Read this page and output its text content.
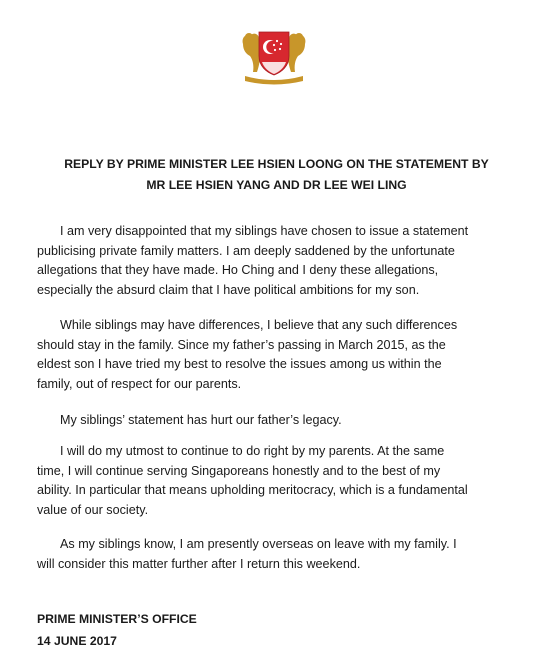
REPLY BY PRIME MINISTER LEE HSIEN LOONG ON THE STATEMENT BY

MR LEE HSIEN YANG AND DR LEE WEI LING

I am very disappointed that my siblings have chosen to issue a statement
publicising private family matters. I am deeply saddened by the unfortunate
allegations that they have made. Ho Ching and I deny these allegations,
especially the absurd claim that I have political ambitions for my son.
While siblings may have differences, I believe that any such differences
should stay in the family. Since my father’s passing in March 2015, as the
eldest son I have tried my best to resolve the issues among us within the
family, out of respect for our parents.
My siblings’ statement has hurt our father’s legacy.
I will do my utmost to continue to do right by my parents. At the same
time, I will continue serving Singaporeans honestly and to the best of my
ability. In particular that means upholding meritocracy, which is a fundamental
value of our society.
As my siblings know, I am presently overseas on leave with my family. I
will consider this matter further after I return this weekend.

PRIME MINISTER’S OFFICE

14 JUNE 2017
